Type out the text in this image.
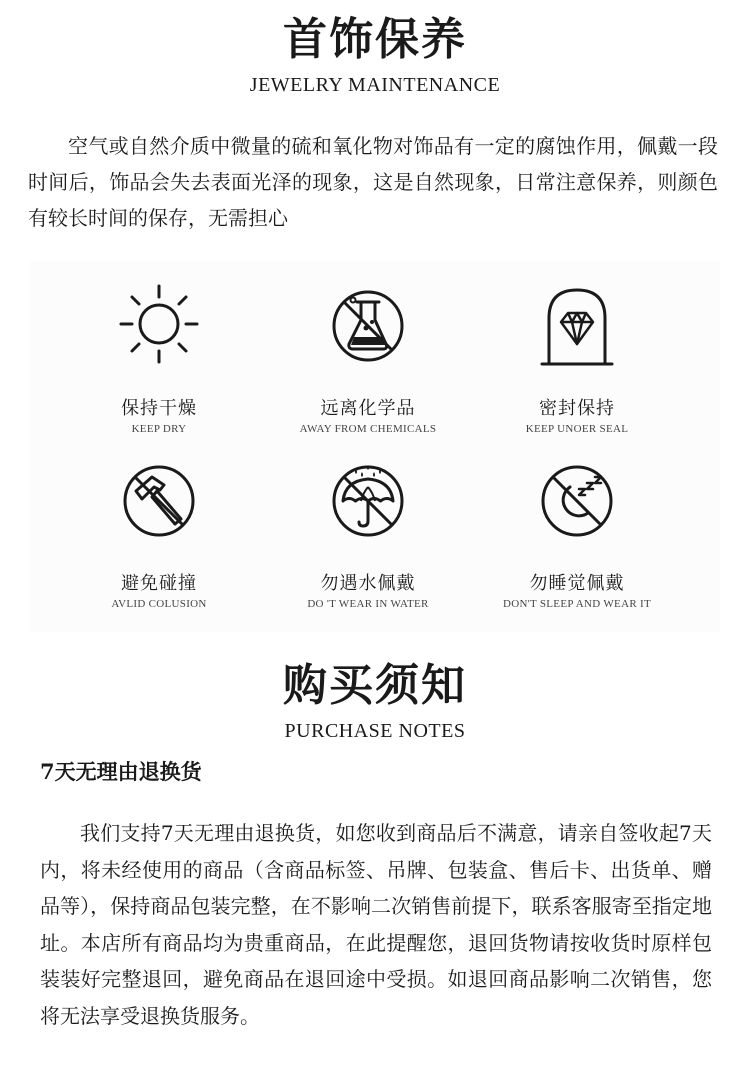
首饰保养
JEWELRY MAINTENANCE
空气或自然介质中微量的硫和氧化物对饰品有一定的腐蚀作用，佩戴一段时间后，饰品会失去表面光泽的现象，这是自然现象，日常注意保养，则颜色有较长时间的保存，无需担心
保持干燥
KEEP DRY
远离化学品
AWAY FROM CHEMICALS
密封保持
KEEP UNOER SEAL
避免碰撞
AVLID COLUSION
勿遇水佩戴
DO 'T WEAR IN WATER
勿睡觉佩戴
DON'T SLEEP AND WEAR IT
购买须知
PURCHASE NOTES
7天无理由退换货
我们支持7天无理由退换货，如您收到商品后不满意，请亲自签收起7天内，将未经使用的商品（含商品标签、吊牌、包装盒、售后卡、出货单、赠品等），保持商品包装完整，在不影响二次销售前提下，联系客服寄至指定地址。本店所有商品均为贵重商品，在此提醒您，退回货物请按收货时原样包装装好完整退回，避免商品在退回途中受损。如退回商品影响二次销售，您将无法享受退换货服务。
